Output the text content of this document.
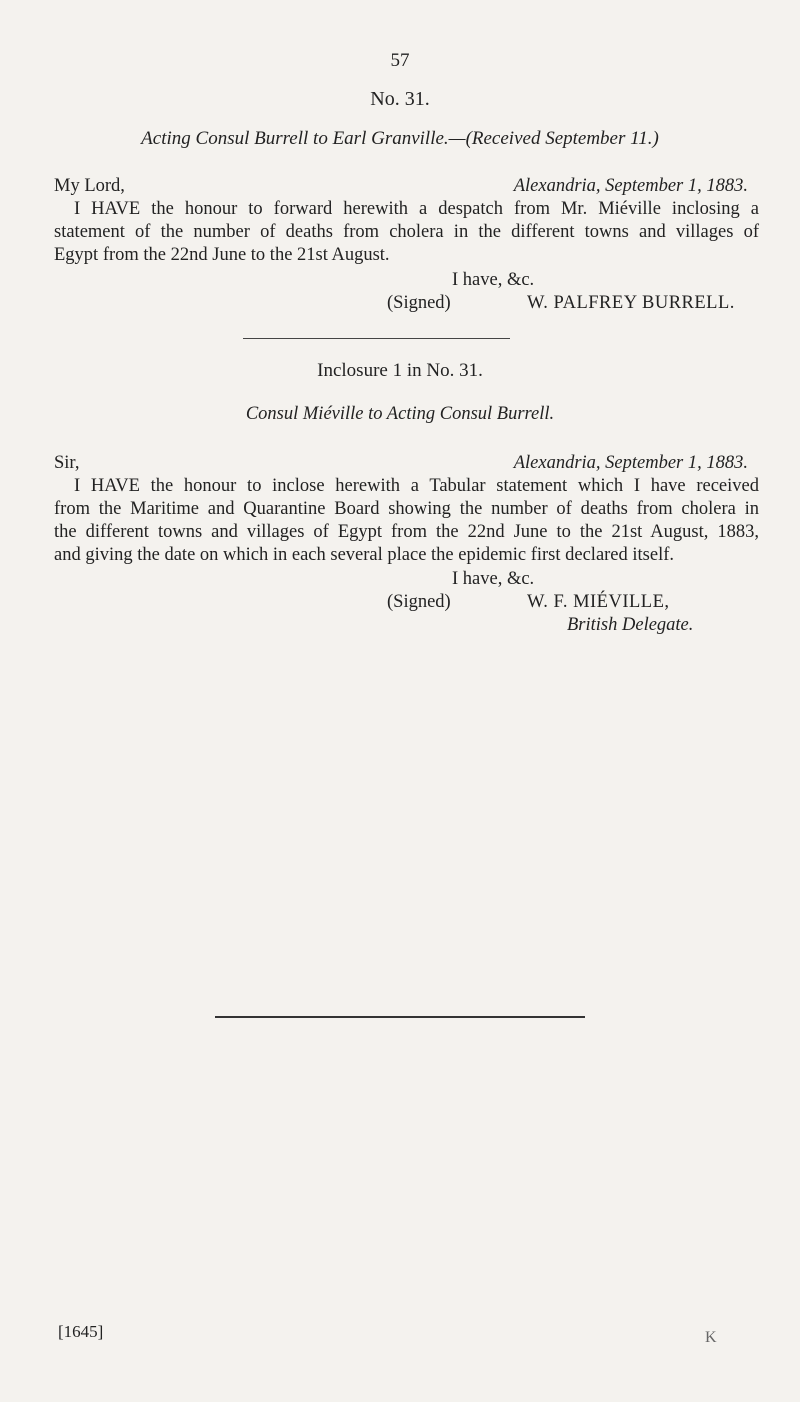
57
No. 31.
Acting Consul Burrell to Earl Granville.—(Received September 11.)
My Lord,	Alexandria, September 1, 1883.
I HAVE the honour to forward herewith a despatch from Mr. Miéville inclosing a
statement of the number of deaths from cholera in the different towns and villages of
Egypt from the 22nd June to the 21st August.
I have, &c.
(Signed)	W. PALFREY BURRELL.
Inclosure 1 in No. 31.
Consul Miéville to Acting Consul Burrell.
Sir,	Alexandria, September 1, 1883.
I HAVE the honour to inclose herewith a Tabular statement which I have received
from the Maritime and Quarantine Board showing the number of deaths from cholera in
the different towns and villages of Egypt from the 22nd June to the 21st August, 1883,
and giving the date on which in each several place the epidemic first declared itself.
I have, &c.
(Signed)	W. F. MIÉVILLE,
British Delegate.
[1645]	K
